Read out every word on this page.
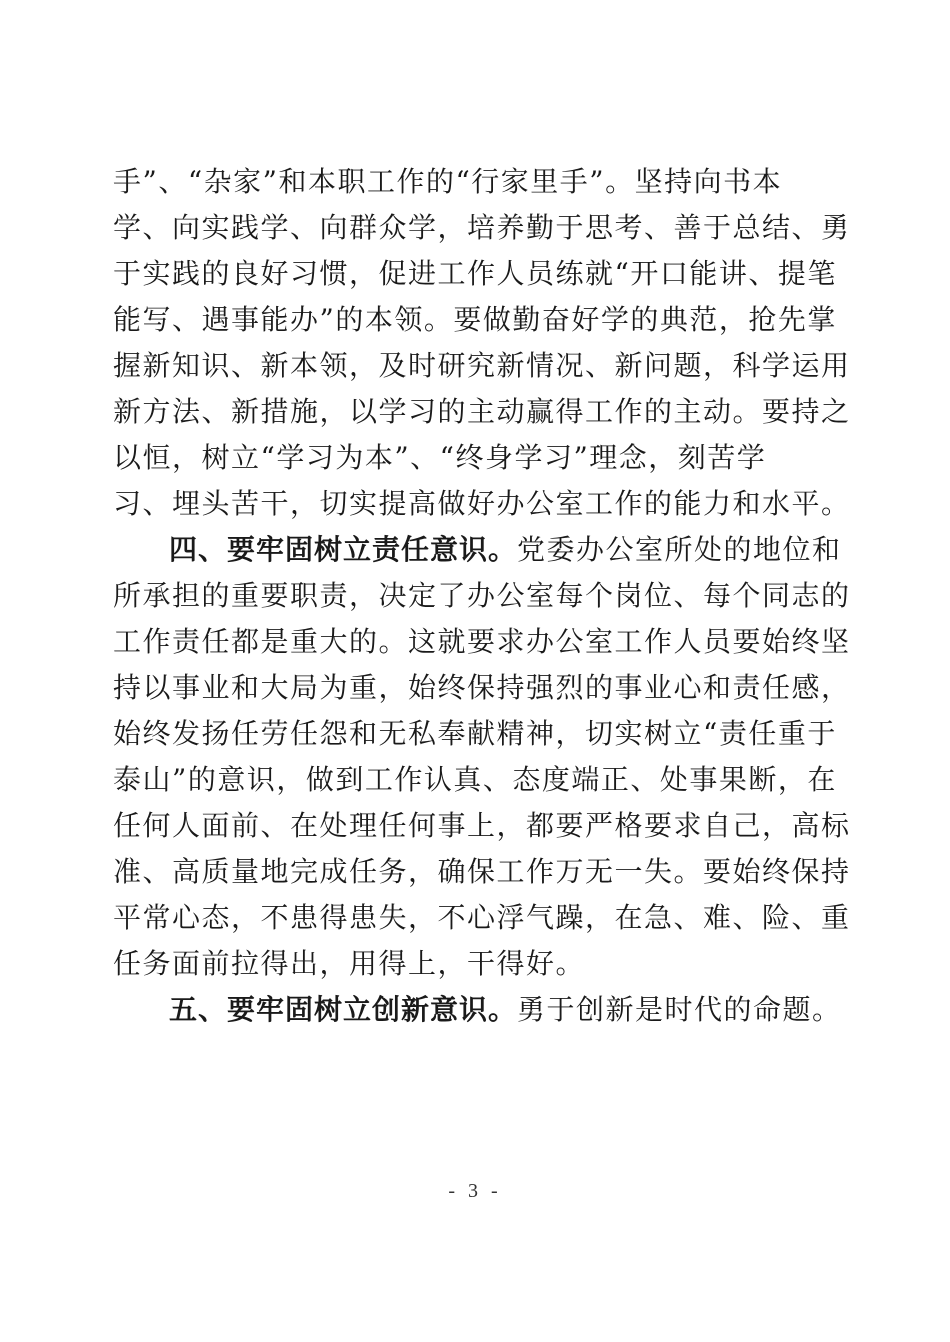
手”、“杂家”和本职工作的“行家里手”。坚持向书本
学、向实践学、向群众学，培养勤于思考、善于总结、勇
于实践的良好习惯，促进工作人员练就“开口能讲、提笔
能写、遇事能办”的本领。要做勤奋好学的典范，抢先掌
握新知识、新本领，及时研究新情况、新问题，科学运用
新方法、新措施，以学习的主动赢得工作的主动。要持之
以恒，树立“学习为本”、“终身学习”理念，刻苦学
习、埋头苦干，切实提高做好办公室工作的能力和水平。
四、要牢固树立责任意识。党委办公室所处的地位和
所承担的重要职责，决定了办公室每个岗位、每个同志的
工作责任都是重大的。这就要求办公室工作人员要始终坚
持以事业和大局为重，始终保持强烈的事业心和责任感，
始终发扬任劳任怨和无私奉献精神，切实树立“责任重于
泰山”的意识，做到工作认真、态度端正、处事果断，在
任何人面前、在处理任何事上，都要严格要求自己，高标
准、高质量地完成任务，确保工作万无一失。要始终保持
平常心态，不患得患失，不心浮气躁，在急、难、险、重
任务面前拉得出，用得上，干得好。
五、要牢固树立创新意识。勇于创新是时代的命题。
- 3 -
